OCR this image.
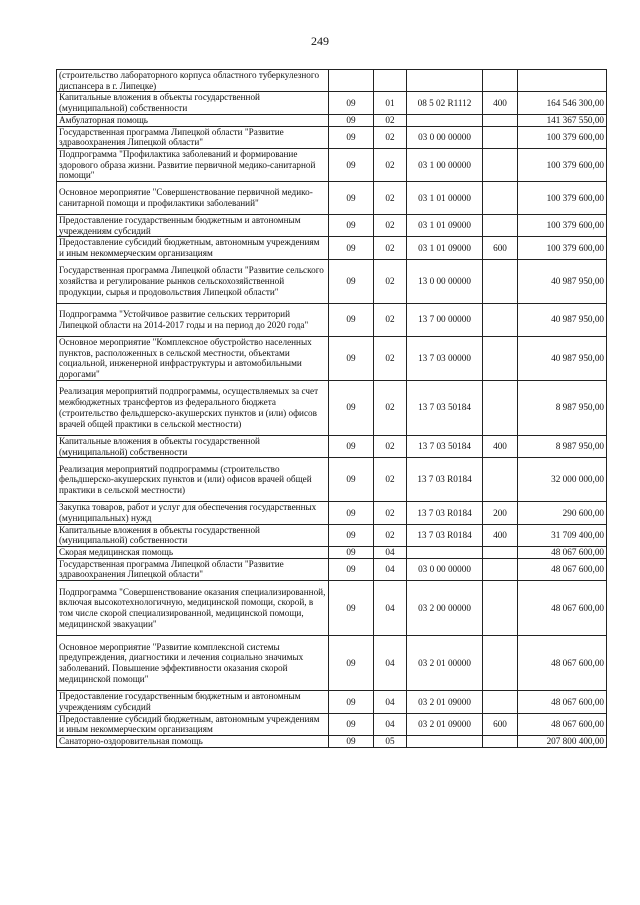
249
(строительство лабораторного корпуса областного туберкулезного диспансера в г. Липецке)					
Капитальные вложения в объекты государственной (муниципальной) собственности	09	01	08 5 02 R1112	400	164 546 300,00
Амбулаторная помощь	09	02			141 367 550,00
Государственная программа Липецкой области "Развитие здравоохранения Липецкой области"	09	02	03 0 00 00000		100 379 600,00
Подпрограмма "Профилактика заболеваний и формирование здорового образа жизни. Развитие первичной медико-санитарной помощи"	09	02	03 1 00 00000		100 379 600,00
Основное мероприятие "Совершенствование первичной медико-санитарной помощи и профилактики заболеваний"	09	02	03 1 01 00000		100 379 600,00
Предоставление государственным бюджетным и автономным учреждениям субсидий	09	02	03 1 01 09000		100 379 600,00
Предоставление субсидий бюджетным, автономным учреждениям и иным некоммерческим организациям	09	02	03 1 01 09000	600	100 379 600,00
Государственная программа Липецкой области "Развитие сельского хозяйства и регулирование рынков сельскохозяйственной продукции, сырья и продовольствия Липецкой области"	09	02	13 0 00 00000		40 987 950,00
Подпрограмма "Устойчивое развитие сельских территорий Липецкой области на 2014-2017 годы и на период до 2020 года"	09	02	13 7 00 00000		40 987 950,00
Основное мероприятие "Комплексное обустройство населенных пунктов, расположенных в сельской местности, объектами социальной, инженерной инфраструктуры и автомобильными дорогами"	09	02	13 7 03 00000		40 987 950,00
Реализация мероприятий подпрограммы, осуществляемых за счет межбюджетных трансфертов из федерального бюджета (строительство фельдшерско-акушерских пунктов и (или) офисов врачей общей практики в сельской местности)	09	02	13 7 03 50184		8 987 950,00
Капитальные вложения в объекты государственной (муниципальной) собственности	09	02	13 7 03 50184	400	8 987 950,00
Реализация мероприятий подпрограммы (строительство фельдшерско-акушерских пунктов и (или) офисов врачей общей практики в сельской местности)	09	02	13 7 03 R0184		32 000 000,00
Закупка товаров, работ и услуг для обеспечения государственных (муниципальных) нужд	09	02	13 7 03 R0184	200	290 600,00
Капитальные вложения в объекты государственной (муниципальной) собственности	09	02	13 7 03 R0184	400	31 709 400,00
Скорая медицинская помощь	09	04			48 067 600,00
Государственная программа Липецкой области "Развитие здравоохранения Липецкой области"	09	04	03 0 00 00000		48 067 600,00
Подпрограмма "Совершенствование оказания специализированной, включая высокотехнологичную, медицинской помощи, скорой, в том числе скорой специализированной, медицинской помощи, медицинской эвакуации"	09	04	03 2 00 00000		48 067 600,00
Основное мероприятие "Развитие комплексной системы предупреждения, диагностики и лечения социально значимых заболеваний. Повышение эффективности оказания скорой медицинской помощи"	09	04	03 2 01 00000		48 067 600,00
Предоставление государственным бюджетным и автономным учреждениям субсидий	09	04	03 2 01 09000		48 067 600,00
Предоставление субсидий бюджетным, автономным учреждениям и иным некоммерческим организациям	09	04	03 2 01 09000	600	48 067 600,00
Санаторно-оздоровительная помощь	09	05			207 800 400,00
